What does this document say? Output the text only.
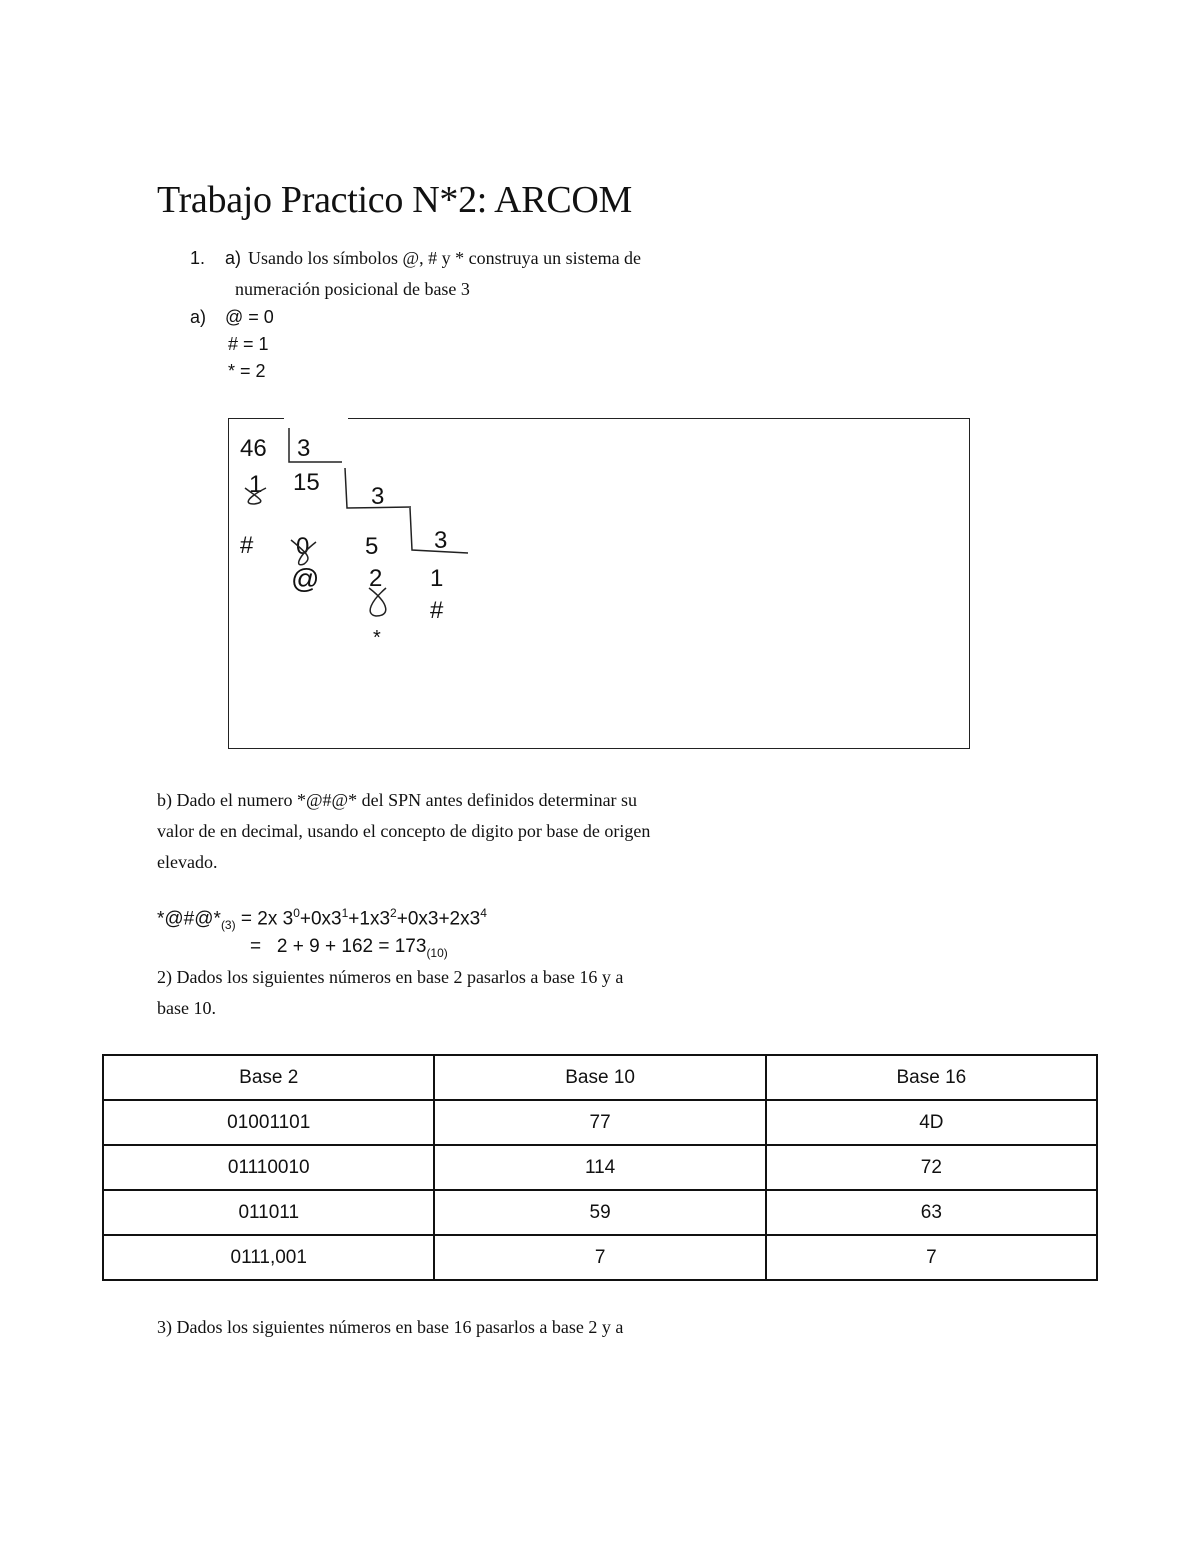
Trabajo Practico N*2: ARCOM
1. a) Usando los símbolos @, # y * construya un sistema de
numeración posicional de base 3
a) @ = 0
# = 1
* = 2
46 3
1 15
3
# 0 5 3
@ 2 1
#
*
b) Dado el numero *@#@* del SPN antes definidos determinar su
valor de en decimal, usando el concepto de digito por base de origen
elevado.
$*@\#@*_{(3)} = 2x$ $3^0+0x3^1+1x3^2+0x3+2x3^4$
=   $2 + 9 + 162 = 173_{(10)}$
2) Dados los siguientes números en base 2 pasarlos a base 16 y a
base 10.
Base 2	Base 10	Base 16
01001101	77	4D
01110010	114	72
011011	59	63
0111,001	7	7
3) Dados los siguientes números en base 16 pasarlos a base 2 y a
